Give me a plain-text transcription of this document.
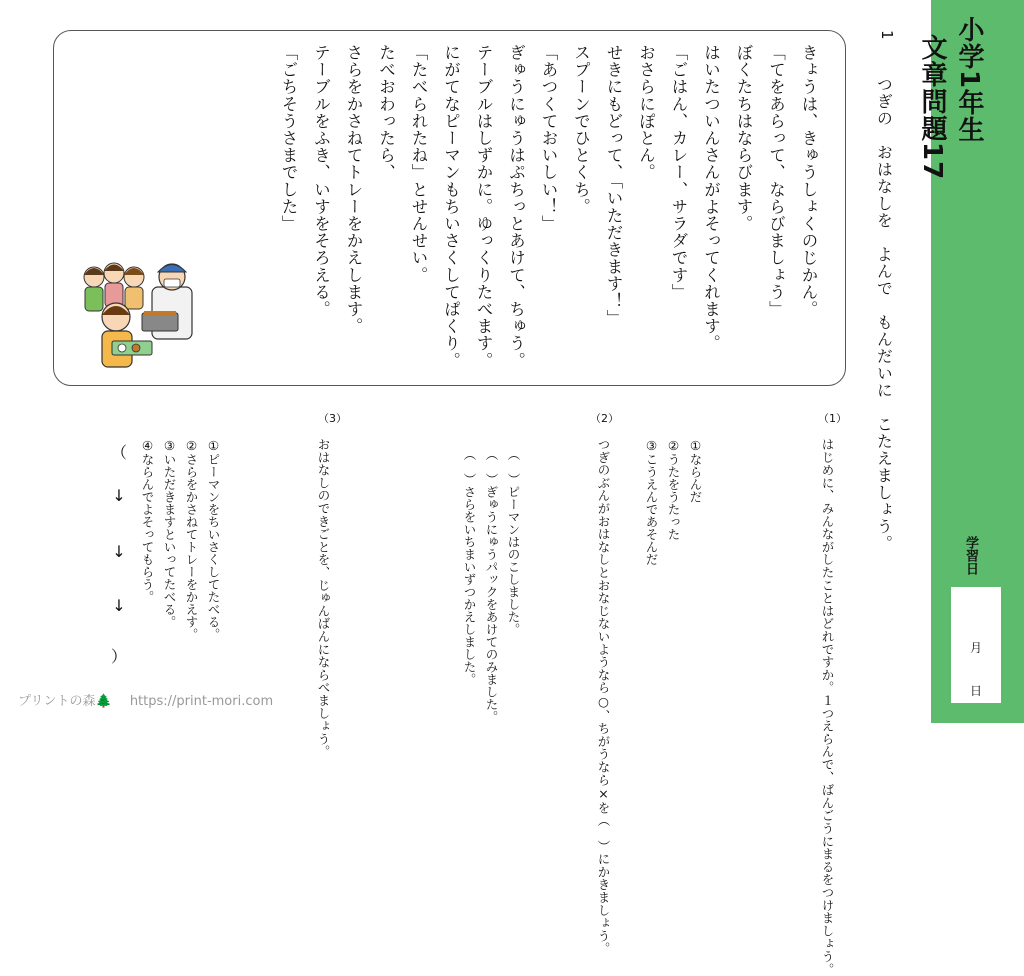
小学1年生
文章問題17
学習日
月
日
1
つぎの　おはなしを　よんで　もんだいに　こたえましょう。

きょうは、きゅうしょくのじかん。

「てをあらって、ならびましょう」

ぼくたちはならびます。

はいたついんさんがよそってくれます。

「ごはん、カレー、サラダです」

おさらにぽとん。

せきにもどって、「いただきます！」

スプーンでひとくち。「あつくておいしい！」

ぎゅうにゅうはぷちっとあけて、ちゅう。

テーブルはしずかに。ゆっくりたべます。

にがてなピーマンもちいさくしてぱくり。

「たべられたね」とせんせい。

たべおわったら、さらをかさねてトレーをかえします。

テーブルをふき、いすをそろえる。

「ごちそうさまでした」

（1）

はじめに、みんながしたことはどれですか。１つえらんで、ばんごうにまるをつけましょう。

①ならんだ

②うたをうたった

③こうえんであそんだ

（2）

つぎのぶんがおはなしとおなじないようなら○、ちがうなら×を（　）にかきましょう。

（　）ピーマンはのこしました。

（　）ぎゅうにゅうパックをあけてのみました。

（　）さらをいちまいずつかえしました。

（3）

おはなしのできごとを、じゅんばんにならべましょう。

①ピーマンをちいさくしてたべる。

②さらをかさねてトレーをかえす。

③いただきますといってたべる。

④ならんでよそってもらう。

（
↓
↓
↓
）
プリントの森🌲 https://print-mori.com
